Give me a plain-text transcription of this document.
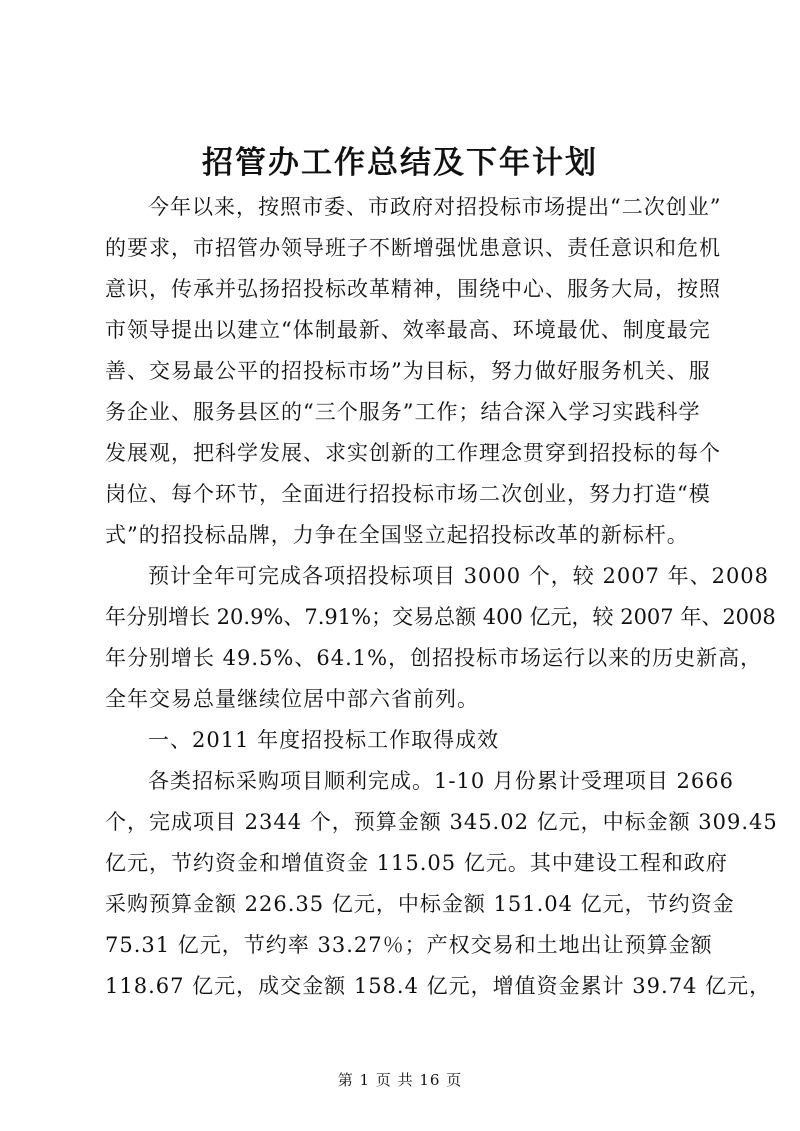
招管办工作总结及下年计划
今年以来，按照市委、市政府对招投标市场提出“二次创业”
的要求，市招管办领导班子不断增强忧患意识、责任意识和危机
意识，传承并弘扬招投标改革精神，围绕中心、服务大局，按照
市领导提出以建立“体制最新、效率最高、环境最优、制度最完
善、交易最公平的招投标市场”为目标，努力做好服务机关、服
务企业、服务县区的“三个服务”工作；结合深入学习实践科学
发展观，把科学发展、求实创新的工作理念贯穿到招投标的每个
岗位、每个环节，全面进行招投标市场二次创业，努力打造“模
式”的招投标品牌，力争在全国竖立起招投标改革的新标杆。
预计全年可完成各项招投标项目 3000 个，较 2007 年、2008
年分别增长 20.9%、7.91%；交易总额 400 亿元，较 2007 年、2008
年分别增长 49.5%、64.1%，创招投标市场运行以来的历史新高，
全年交易总量继续位居中部六省前列。
一、2011 年度招投标工作取得成效
各类招标采购项目顺利完成。1-10 月份累计受理项目 2666
个，完成项目 2344 个，预算金额 345.02 亿元，中标金额 309.45
亿元，节约资金和增值资金 115.05 亿元。其中建设工程和政府
采购预算金额 226.35 亿元，中标金额 151.04 亿元，节约资金
75.31 亿元，节约率 33.27％；产权交易和土地出让预算金额
118.67 亿元，成交金额 158.4 亿元，增值资金累计 39.74 亿元，
第 1 页 共 16 页
